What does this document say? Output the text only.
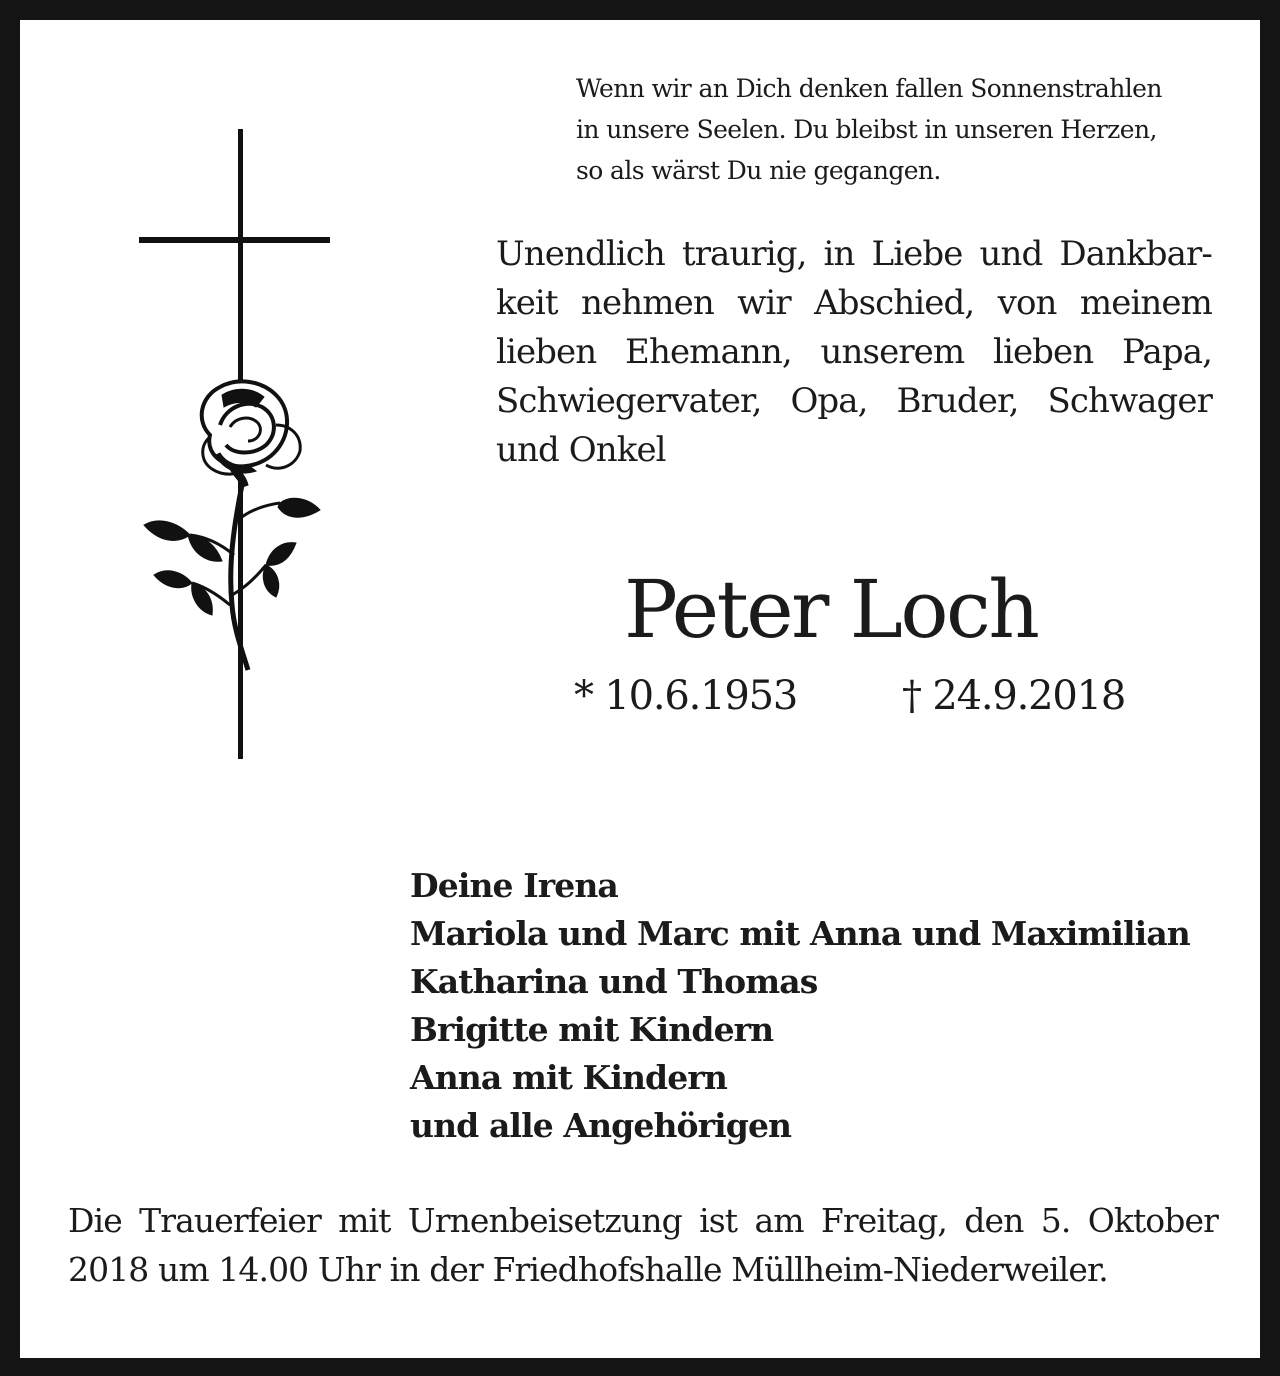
Wenn wir an Dich denken fallen Sonnenstrahlen
in unsere Seelen. Du bleibst in unseren Herzen,
so als wärst Du nie gegangen.

Unendlich traurig, in Liebe und Dankbar-
keit nehmen wir Abschied, von meinem
lieben Ehemann, unserem lieben Papa,
Schwiegervater, Opa, Bruder, Schwager
und Onkel

Peter Loch
* 10.6.1953	† 24.9.2018
Deine Irena
Mariola und Marc mit Anna und Maximilian
Katharina und Thomas
Brigitte mit Kindern
Anna mit Kindern
und alle Angehörigen

Die Trauerfeier mit Urnenbeisetzung ist am Freitag, den 5. Oktober
2018 um 14.00 Uhr in der Friedhofshalle Müllheim-Niederweiler.
